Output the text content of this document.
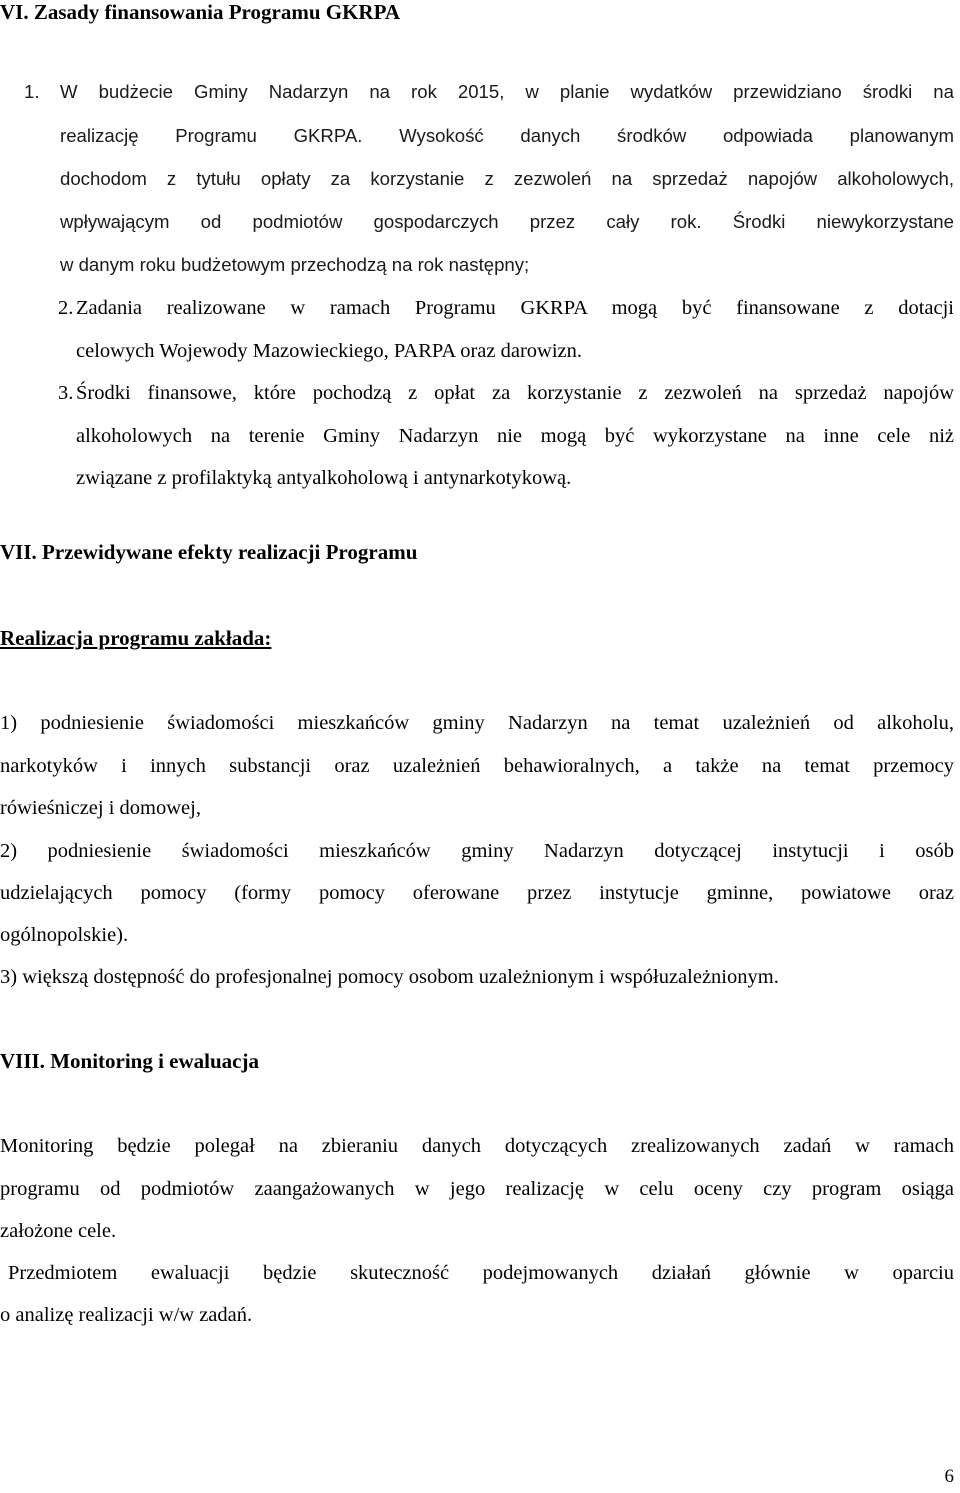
VI. Zasady finansowania Programu GKRPA
1. W budżecie Gminy Nadarzyn na rok 2015, w planie wydatków przewidziano środki na
realizację Programu GKRPA. Wysokość danych środków odpowiada planowanym
dochodom z tytułu opłaty za korzystanie z zezwoleń na sprzedaż napojów alkoholowych,
wpływającym od podmiotów gospodarczych przez cały rok. Środki niewykorzystane
w danym roku budżetowym przechodzą na rok następny;
2. Zadania realizowane w ramach Programu GKRPA mogą być finansowane z dotacji
celowych Wojewody Mazowieckiego, PARPA oraz darowizn.
3. Środki finansowe, które pochodzą z opłat za korzystanie z zezwoleń na sprzedaż napojów
alkoholowych na terenie Gminy Nadarzyn nie mogą być wykorzystane na inne cele niż
związane z profilaktyką antyalkoholową i antynarkotykową.
VII. Przewidywane efekty realizacji Programu
Realizacja programu zakłada:
1) podniesienie świadomości mieszkańców gminy Nadarzyn na temat uzależnień od alkoholu,
narkotyków i innych substancji oraz uzależnień behawioralnych, a także na temat przemocy
rówieśniczej i domowej,
2) podniesienie świadomości mieszkańców gminy Nadarzyn dotyczącej instytucji i osób
udzielających pomocy (formy pomocy oferowane przez instytucje gminne, powiatowe oraz
ogólnopolskie).
3) większą dostępność do profesjonalnej pomocy osobom uzależnionym i współuzależnionym.
VIII. Monitoring i ewaluacja
Monitoring będzie polegał na zbieraniu danych dotyczących zrealizowanych zadań w ramach
programu od podmiotów zaangażowanych w jego realizację w celu oceny czy program osiąga
założone cele.
Przedmiotem ewaluacji będzie skuteczność podejmowanych działań głównie w oparciu
o analizę realizacji w/w zadań.
6
